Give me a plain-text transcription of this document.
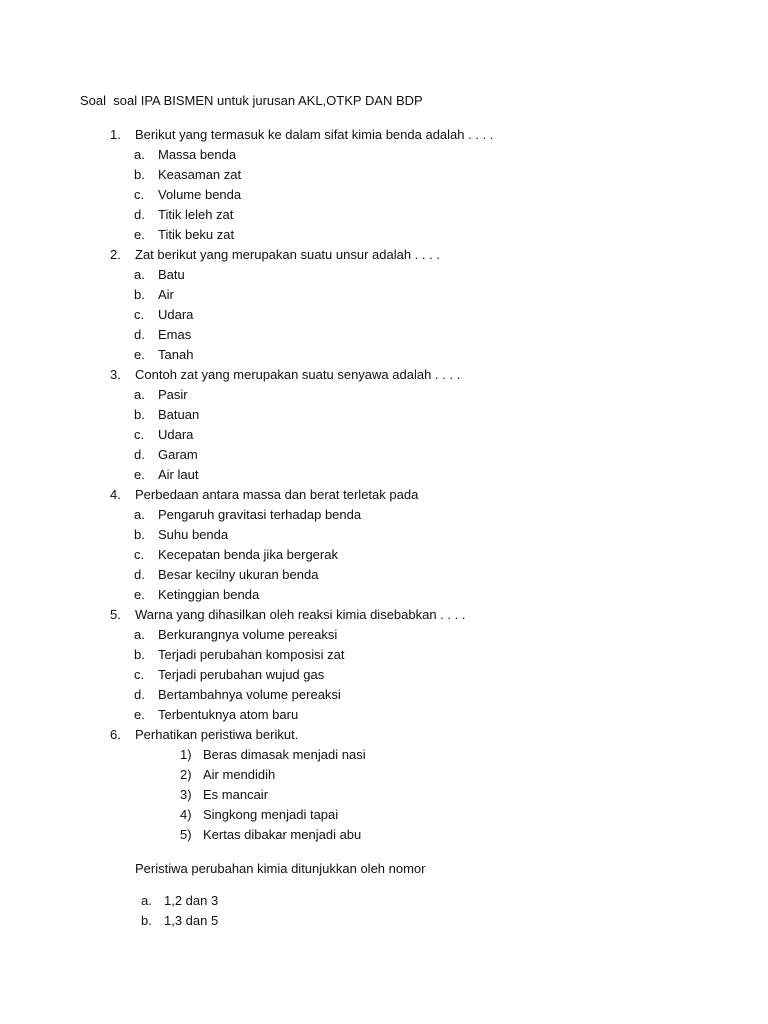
Soal  soal IPA BISMEN untuk jurusan AKL,OTKP DAN BDP
1. Berikut yang termasuk ke dalam sifat kimia benda adalah . . . .
a. Massa benda
b. Keasaman zat
c. Volume benda
d. Titik leleh zat
e. Titik beku zat
2. Zat berikut yang merupakan suatu unsur adalah . . . .
a. Batu
b. Air
c. Udara
d. Emas
e. Tanah
3. Contoh zat yang merupakan suatu senyawa adalah . . . .
a. Pasir
b. Batuan
c. Udara
d. Garam
e. Air laut
4. Perbedaan antara massa dan berat terletak pada
a. Pengaruh gravitasi terhadap benda
b. Suhu benda
c. Kecepatan benda jika bergerak
d. Besar kecilny ukuran benda
e. Ketinggian benda
5. Warna yang dihasilkan oleh reaksi kimia disebabkan . . . .
a. Berkurangnya volume pereaksi
b. Terjadi perubahan komposisi zat
c. Terjadi perubahan wujud gas
d. Bertambahnya volume pereaksi
e. Terbentuknya atom baru
6. Perhatikan peristiwa berikut.
1) Beras dimasak menjadi nasi
2) Air mendidih
3) Es mancair
4) Singkong menjadi tapai
5) Kertas dibakar menjadi abu
Peristiwa perubahan kimia ditunjukkan oleh nomor
a. 1,2 dan 3
b. 1,3 dan 5
